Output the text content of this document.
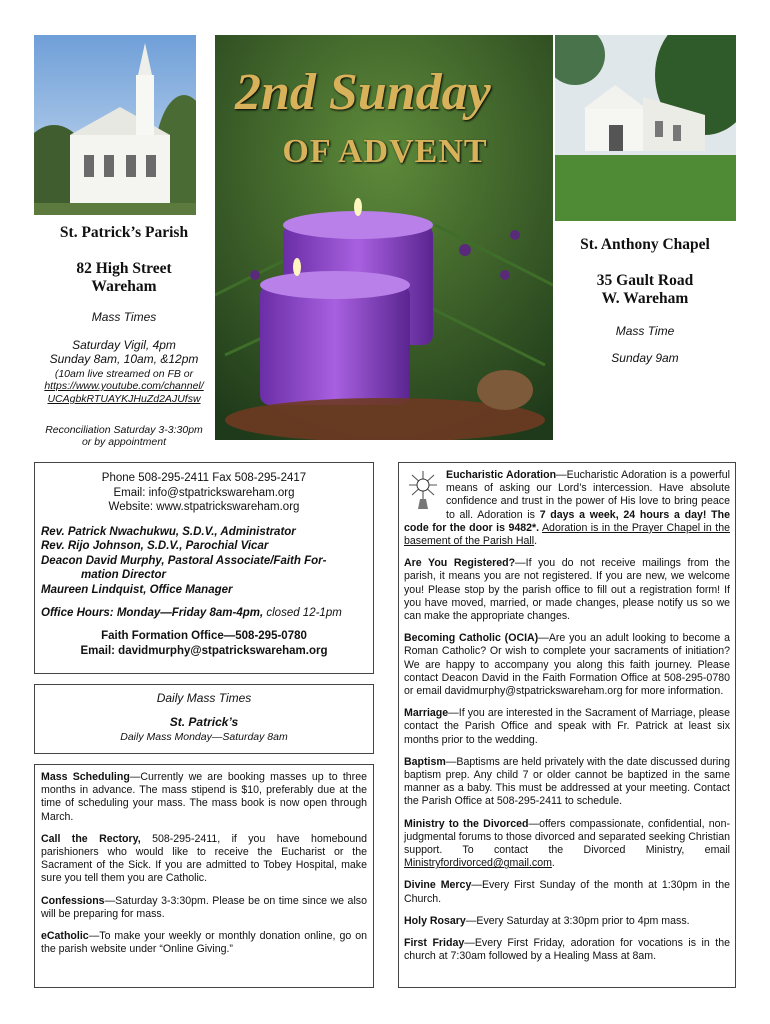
2nd Sunday
OF ADVENT
St. Patrick’s Parish
82 High Street
Wareham
Mass Times
Saturday Vigil, 4pm
Sunday 8am, 10am, &12pm
(10am live streamed on FB or
https://www.youtube.com/channel/
UCAgbkRTUAYKJHuZd2AJUfsw
Reconciliation Saturday 3-3:30pm
or by appointment
St. Anthony Chapel
35 Gault Road
W. Wareham
Mass Time
Sunday 9am
Phone 508-295-2411 Fax 508-295-2417
Email: info@stpatrickswareham.org
Website: www.stpatrickswareham.org
Rev. Patrick Nwachukwu, S.D.V., Administrator
Rev. Rijo Johnson, S.D.V., Parochial Vicar
Deacon David Murphy, Pastoral Associate/Faith For-
mation Director
Maureen Lindquist, Office Manager
Office Hours: Monday—Friday 8am-4pm, closed 12-1pm
Faith Formation Office—508-295-0780
Email: davidmurphy@stpatrickswareham.org
Daily Mass Times
St. Patrick’s
Daily Mass Monday—Saturday 8am
Mass Scheduling—Currently we are booking masses up to three months in advance. The mass stipend is $10, preferably due at the time of scheduling your mass. The mass book is now open through March.
Call the Rectory, 508-295-2411, if you have homebound parishioners who would like to receive the Eucharist or the Sacrament of the Sick. If you are admitted to Tobey Hospital, make sure you tell them you are Catholic.
Confessions—Saturday 3-3:30pm. Please be on time since we also will be preparing for mass.
eCatholic—To make your weekly or monthly donation online, go on the parish website under “Online Giving.”
Eucharistic Adoration—Eucharistic Adoration is a powerful means of asking our Lord’s intercession. Have absolute confidence and trust in the power of His love to bring peace to all. Adoration is 7 days a week, 24 hours a day! The code for the door is 9482*. Adoration is in the Prayer Chapel in the basement of the Parish Hall.
Are You Registered?—If you do not receive mailings from the parish, it means you are not registered. If you are new, we welcome you! Please stop by the parish office to fill out a registration form! If you have moved, married, or made changes, please notify us so we can make the appropriate changes.
Becoming Catholic (OCIA)—Are you an adult looking to become a Roman Catholic? Or wish to complete your sacraments of initiation? We are happy to accompany you along this faith journey. Please contact Deacon David in the Faith Formation Office at 508-295-0780 or email davidmurphy@stpatrickswareham.org for more information.
Marriage—If you are interested in the Sacrament of Marriage, please contact the Parish Office and speak with Fr. Patrick at least six months prior to the wedding.
Baptism—Baptisms are held privately with the date discussed during baptism prep. Any child 7 or older cannot be baptized in the same manner as a baby. This must be addressed at your meeting. Contact the Parish Office at 508-295-2411 to schedule.
Ministry to the Divorced—offers compassionate, confidential, non-judgmental forums to those divorced and separated seeking Christian support. To contact the Divorced Ministry, email Ministryfordivorced@gmail.com.
Divine Mercy—Every First Sunday of the month at 1:30pm in the Church.
Holy Rosary—Every Saturday at 3:30pm prior to 4pm mass.
First Friday—Every First Friday, adoration for vocations is in the church at 7:30am followed by a Healing Mass at 8am.
